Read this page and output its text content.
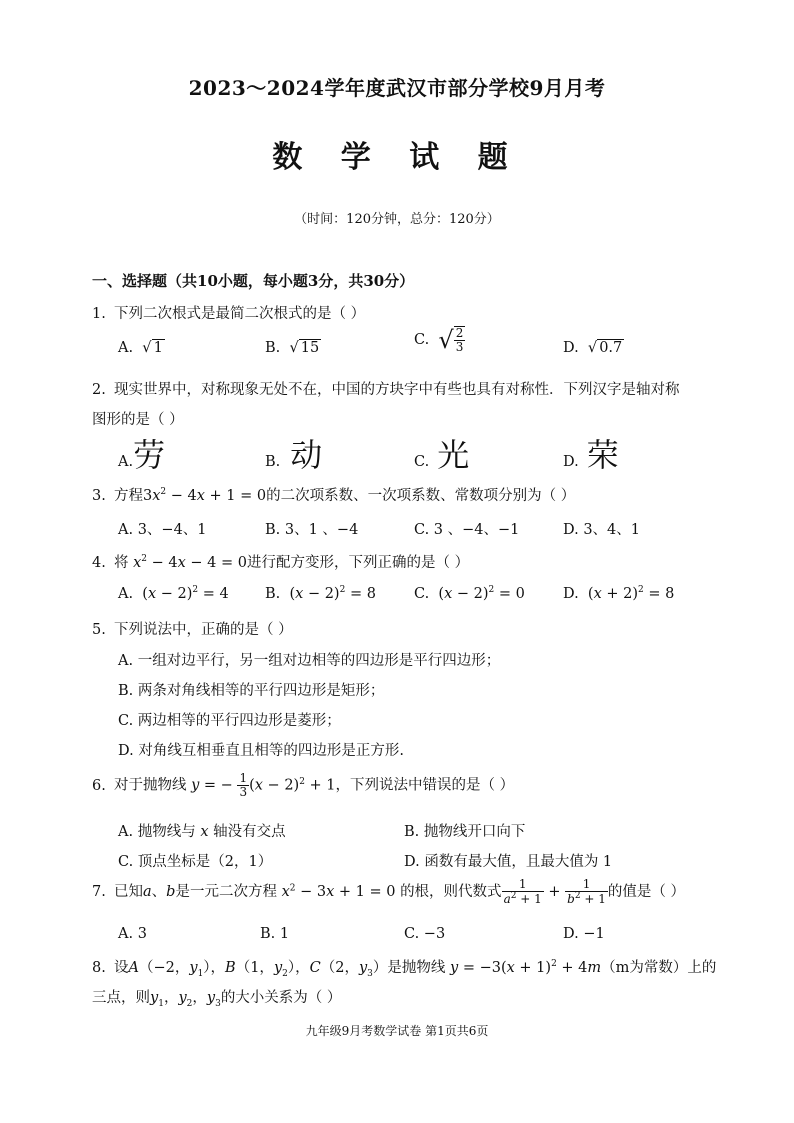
2023～2024学年度武汉市部分学校9月月考
数 学 试 题
（时间：120分钟，总分：120分）
一、选择题（共10小题，每小题3分，共30分）
1. 下列二次根式是最简二次根式的是（ ）
A.  √ 1	B.  √ 15	C. √ $\frac{2}{3}$	D.  √ 0.7
2. 现实世界中，对称现象无处不在，中国的方块字中有些也具有对称性．下列汉字是轴对称
图形的是（ ）
A.劳	B. 动	C. 光	D. 荣
3. 方程$3x^2 - 4x + 1 = 0$的二次项系数、一次项系数、常数项分别为（ ）
A. 3、−4、1	B. 3、1 、−4	C. 3 、−4、−1	D. 3、4、1
4. 将 $x^2 - 4x - 4 = 0$进行配方变形，下列正确的是（ ）
A.  $(x - 2)^2 = 4$	B.  $(x - 2)^2 = 8$	C.  $(x - 2)^2 = 0$	D.  $(x + 2)^2 = 8$
5. 下列说法中，正确的是（ ）
A. 一组对边平行，另一组对边相等的四边形是平行四边形；
B. 两条对角线相等的平行四边形是矩形；
C. 两边相等的平行四边形是菱形；
D. 对角线互相垂直且相等的四边形是正方形.
6. 对于抛物线 y = − $\frac{1}{3} (x - 2)^2 + 1$，下列说法中错误的是（ ）
A. 抛物线与 x 轴没有交点	B. 抛物线开口向下
C. 顶点坐标是（2，1）	D. 函数有最大值，且最大值为 1
7. 已知a、b是一元二次方程 $x^2 - 3x + 1 = 0$ 的根，则代数式 $\frac{1}{a^2 + 1} + \frac{1}{b^2 + 1}$ 的值是（ ）
A. 3	B. 1	C. −3	D. −1
8. 设A（−2，$y_1$），B（1，$y_2$），C（2，$y_3$）是抛物线 $y = -3(x + 1)^2 + 4m(m$为常数）上的
三点，则$y_1$，$y_2$，$y_3$的大小关系为（ ）
九年级9月考数学试卷 第1页共6页
